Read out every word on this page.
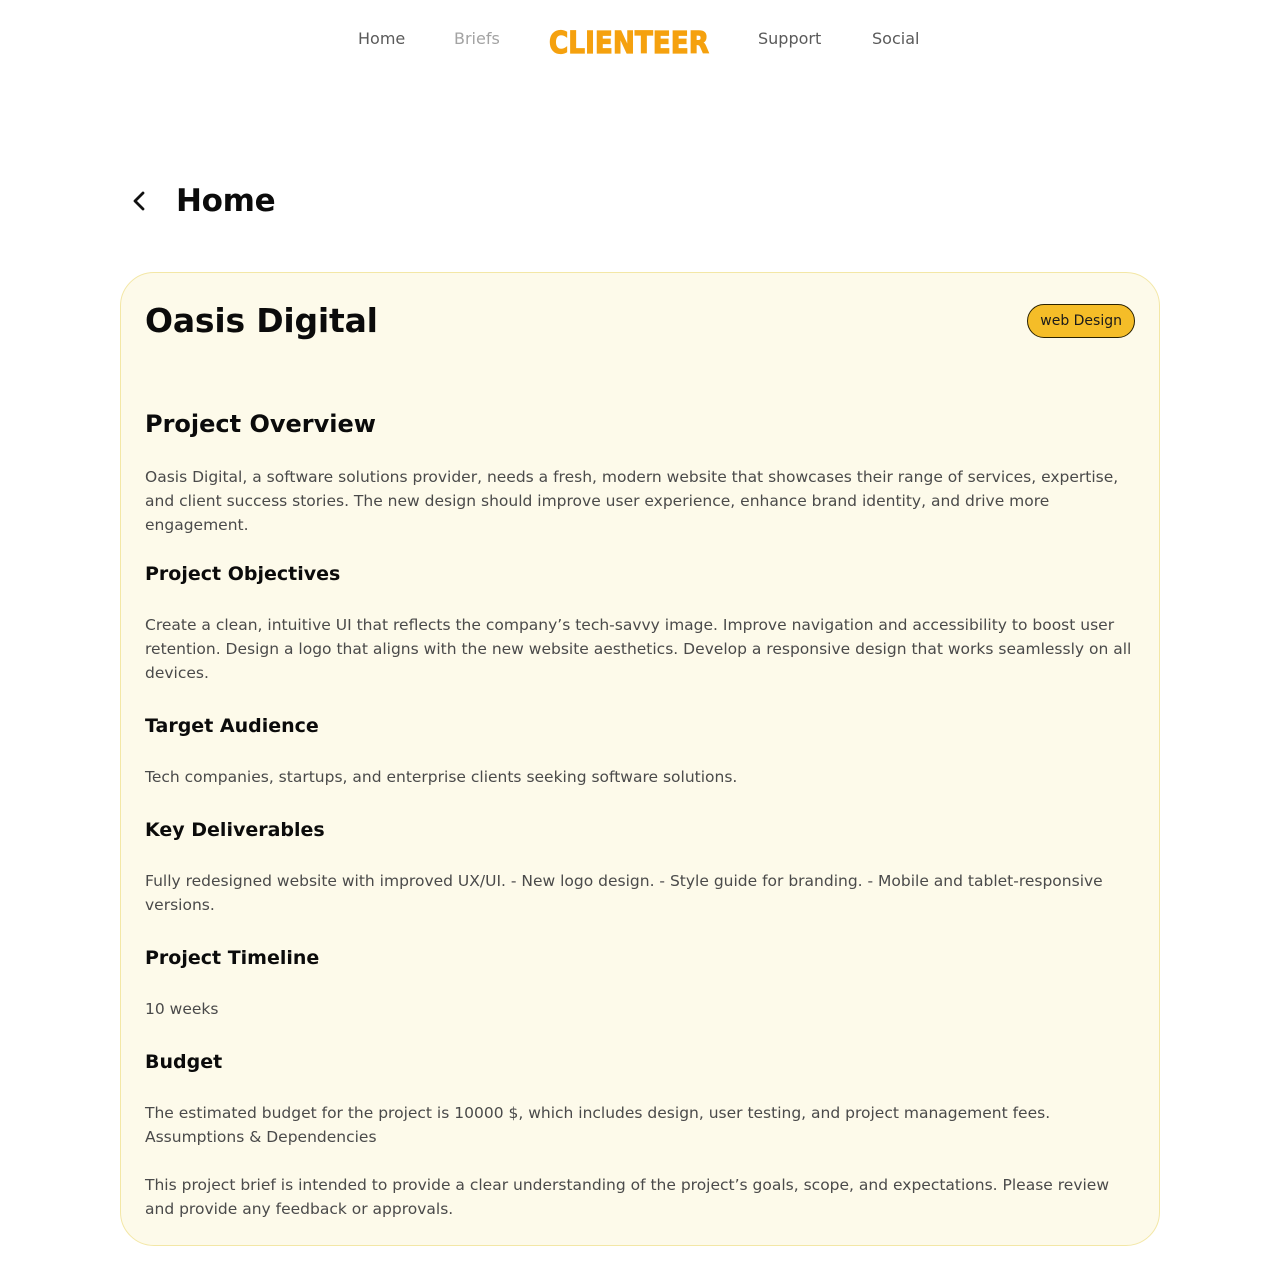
Home	Briefs CLIENTEER	Support	Social
Home
Oasis Digital	web Design
Project Overview

Oasis Digital, a software solutions provider, needs a fresh, modern website that showcases their range of services, expertise, and client success stories. The new design should improve user experience, enhance brand identity, and drive more engagement.

Project Objectives

Create a clean, intuitive UI that reflects the company’s tech-savvy image. Improve navigation and accessibility to boost user retention. Design a logo that aligns with the new website aesthetics. Develop a responsive design that works seamlessly on all devices.

Target Audience

Tech companies, startups, and enterprise clients seeking software solutions.

Key Deliverables

Fully redesigned website with improved UX/UI. - New logo design. - Style guide for branding. - Mobile and tablet-responsive versions.

Project Timeline

10 weeks

Budget

The estimated budget for the project is 10000 $, which includes design, user testing, and project management fees. Assumptions & Dependencies

This project brief is intended to provide a clear understanding of the project’s goals, scope, and expectations. Please review and provide any feedback or approvals.
